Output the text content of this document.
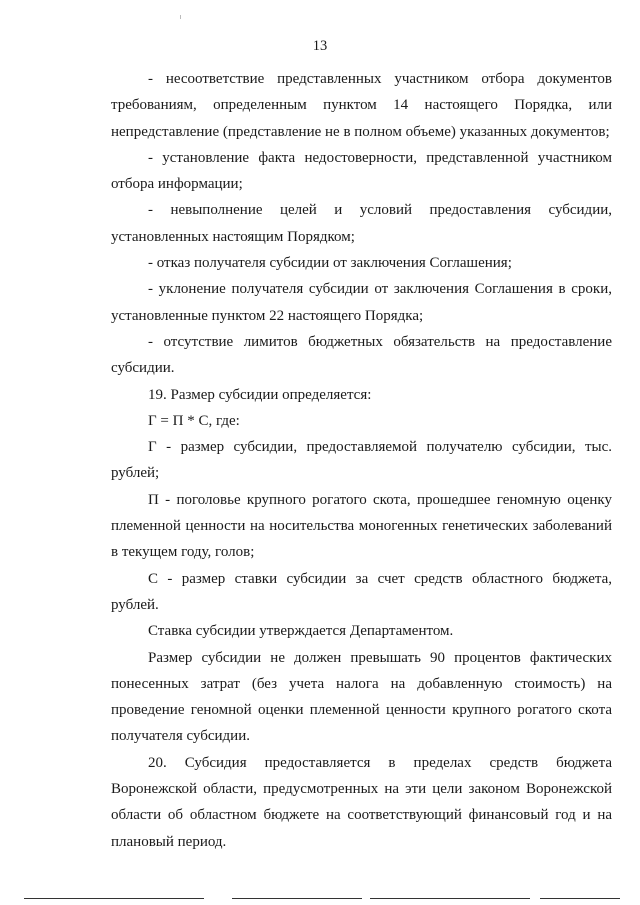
13

- несоответствие представленных участником отбора документов требованиям, определенным пунктом 14 настоящего Порядка, или непредставление (представление не в полном объеме) указанных документов;

- установление факта недостоверности, представленной участником отбора информации;

- невыполнение целей и условий предоставления субсидии, установленных настоящим Порядком;

- отказ получателя субсидии от заключения Соглашения;

- уклонение получателя субсидии от заключения Соглашения в сроки, установленные пунктом 22 настоящего Порядка;

- отсутствие лимитов бюджетных обязательств на предоставление субсидии.

19. Размер субсидии определяется:

Г = П * С, где:

Г - размер субсидии, предоставляемой получателю субсидии, тыс. рублей;

П - поголовье крупного рогатого скота, прошедшее геномную оценку племенной ценности на носительства моногенных генетических заболеваний в текущем году, голов;

С - размер ставки субсидии за счет средств областного бюджета, рублей.

Ставка субсидии утверждается Департаментом.

Размер субсидии не должен превышать 90 процентов фактических понесенных затрат (без учета налога на добавленную стоимость) на проведение геномной оценки племенной ценности крупного рогатого скота получателя субсидии.

20. Субсидия предоставляется в пределах средств бюджета Воронежской области, предусмотренных на эти цели законом Воронежской области об областном бюджете на соответствующий финансовый год и на плановый период.
